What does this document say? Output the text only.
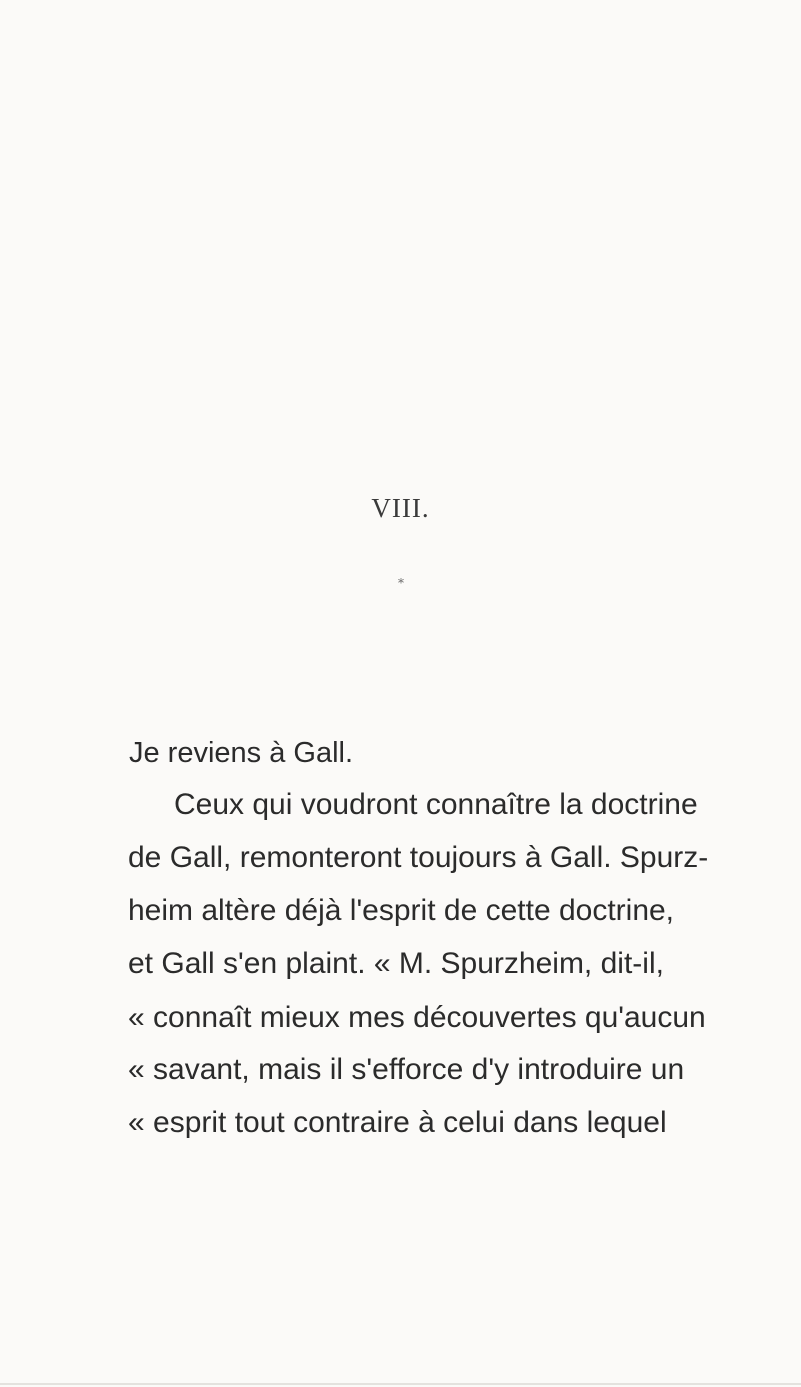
VIII.
*
Je reviens à Gall.
Ceux qui voudront connaître la doctrine
de Gall, remonteront toujours à Gall. Spurz-
heim altère déjà l'esprit de cette doctrine,
et Gall s'en plaint. « M. Spurzheim, dit-il,
« connaît mieux mes découvertes qu'aucun
« savant, mais il s'efforce d'y introduire un
« esprit tout contraire à celui dans lequel
